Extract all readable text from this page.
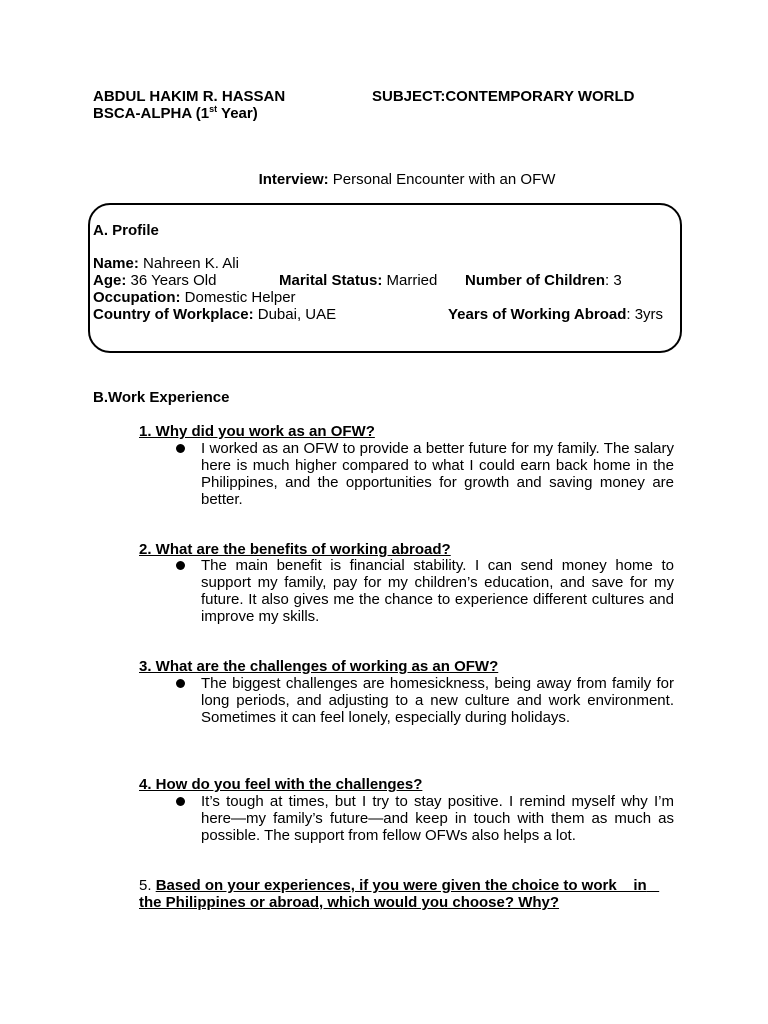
ABDUL HAKIM R. HASSAN	SUBJECT:CONTEMPORARY WORLD
BSCA-ALPHA (1st Year)
Interview: Personal Encounter with an OFW
A. Profile
Name: Nahreen K. Ali
Age: 36 Years Old	Marital Status: Married Number of Children: 3
Occupation: Domestic Helper
Country of Workplace: Dubai, UAE	Years of Working Abroad: 3yrs
B.Work Experience
1. Why did you work as an OFW?
I worked as an OFW to provide a better future for my family. The salary here is much higher compared to what I could earn back home in the Philippines, and the opportunities for growth and saving money are better.
2. What are the benefits of working abroad?
The main benefit is financial stability. I can send money home to support my family, pay for my children’s education, and save for my future. It also gives me the chance to experience different cultures and improve my skills.
3. What are the challenges of working as an OFW?
The biggest challenges are homesickness, being away from family for long periods, and adjusting to a new culture and work environment. Sometimes it can feel lonely, especially during holidays.
4. How do you feel with the challenges?
It’s tough at times, but I try to stay positive. I remind myself why I’m here—my family’s future—and keep in touch with them as much as possible. The support from fellow OFWs also helps a lot.
5. Based on your experiences, if you were given the choice to work    in   the Philippines or abroad, which would you choose? Why?
